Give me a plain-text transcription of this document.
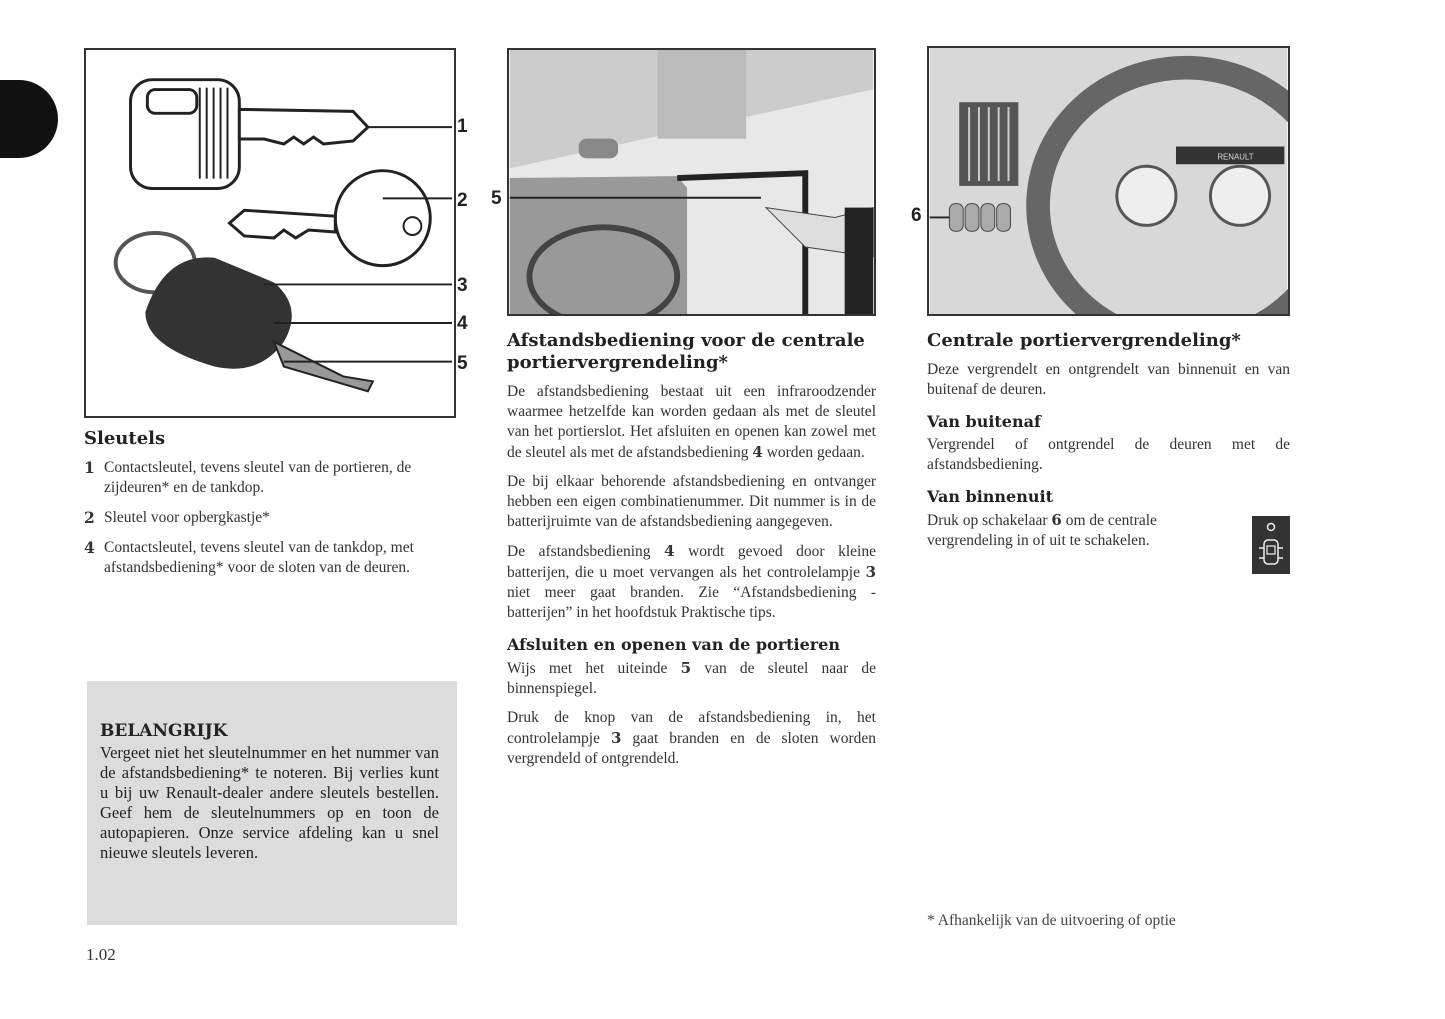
1
2
3
4
5
5
RENAULT
6
Sleutels
1 Contactsleutel, tevens sleutel van de portieren, de zijdeuren* en de tankdop.
2 Sleutel voor opbergkastje*
4 Contactsleutel, tevens sleutel van de tankdop, met afstandsbediening* voor de sloten van de deuren.
BELANGRIJK

Vergeet niet het sleutelnummer en het nummer van de afstandsbediening* te noteren. Bij verlies kunt u bij uw Renault-dealer andere sleutels bestellen. Geef hem de sleutelnummers op en toon de autopapieren. Onze service afdeling kan u snel nieuwe sleutels leveren.

Afstandsbediening voor de centrale portiervergrendeling*

De afstandsbediening bestaat uit een infraroodzender waarmee hetzelfde kan worden gedaan als met de sleutel van het portierslot. Het afsluiten en openen kan zowel met de sleutel als met de afstandsbediening 4 worden gedaan.

De bij elkaar behorende afstandsbediening en ontvanger hebben een eigen combinatienummer. Dit nummer is in de batterijruimte van de afstandsbediening aangegeven.

De afstandsbediening 4 wordt gevoed door kleine batterijen, die u moet vervangen als het controlelampje 3 niet meer gaat branden. Zie “Afstandsbediening - batterijen” in het hoofdstuk Praktische tips.

Afsluiten en openen van de portieren

Wijs met het uiteinde 5 van de sleutel naar de binnenspiegel.

Druk de knop van de afstandsbediening in, het controlelampje 3 gaat branden en de sloten worden vergrendeld of ontgrendeld.

Centrale portiervergrendeling*

Deze vergrendelt en ontgrendelt van binnenuit en van buitenaf de deuren.

Van buitenaf

Vergrendel of ontgrendel de deuren met de afstandsbediening.

Van binnenuit

Druk op schakelaar 6 om de centrale vergrendeling in of uit te schakelen.

* Afhankelijk van de uitvoering of optie
1.02
